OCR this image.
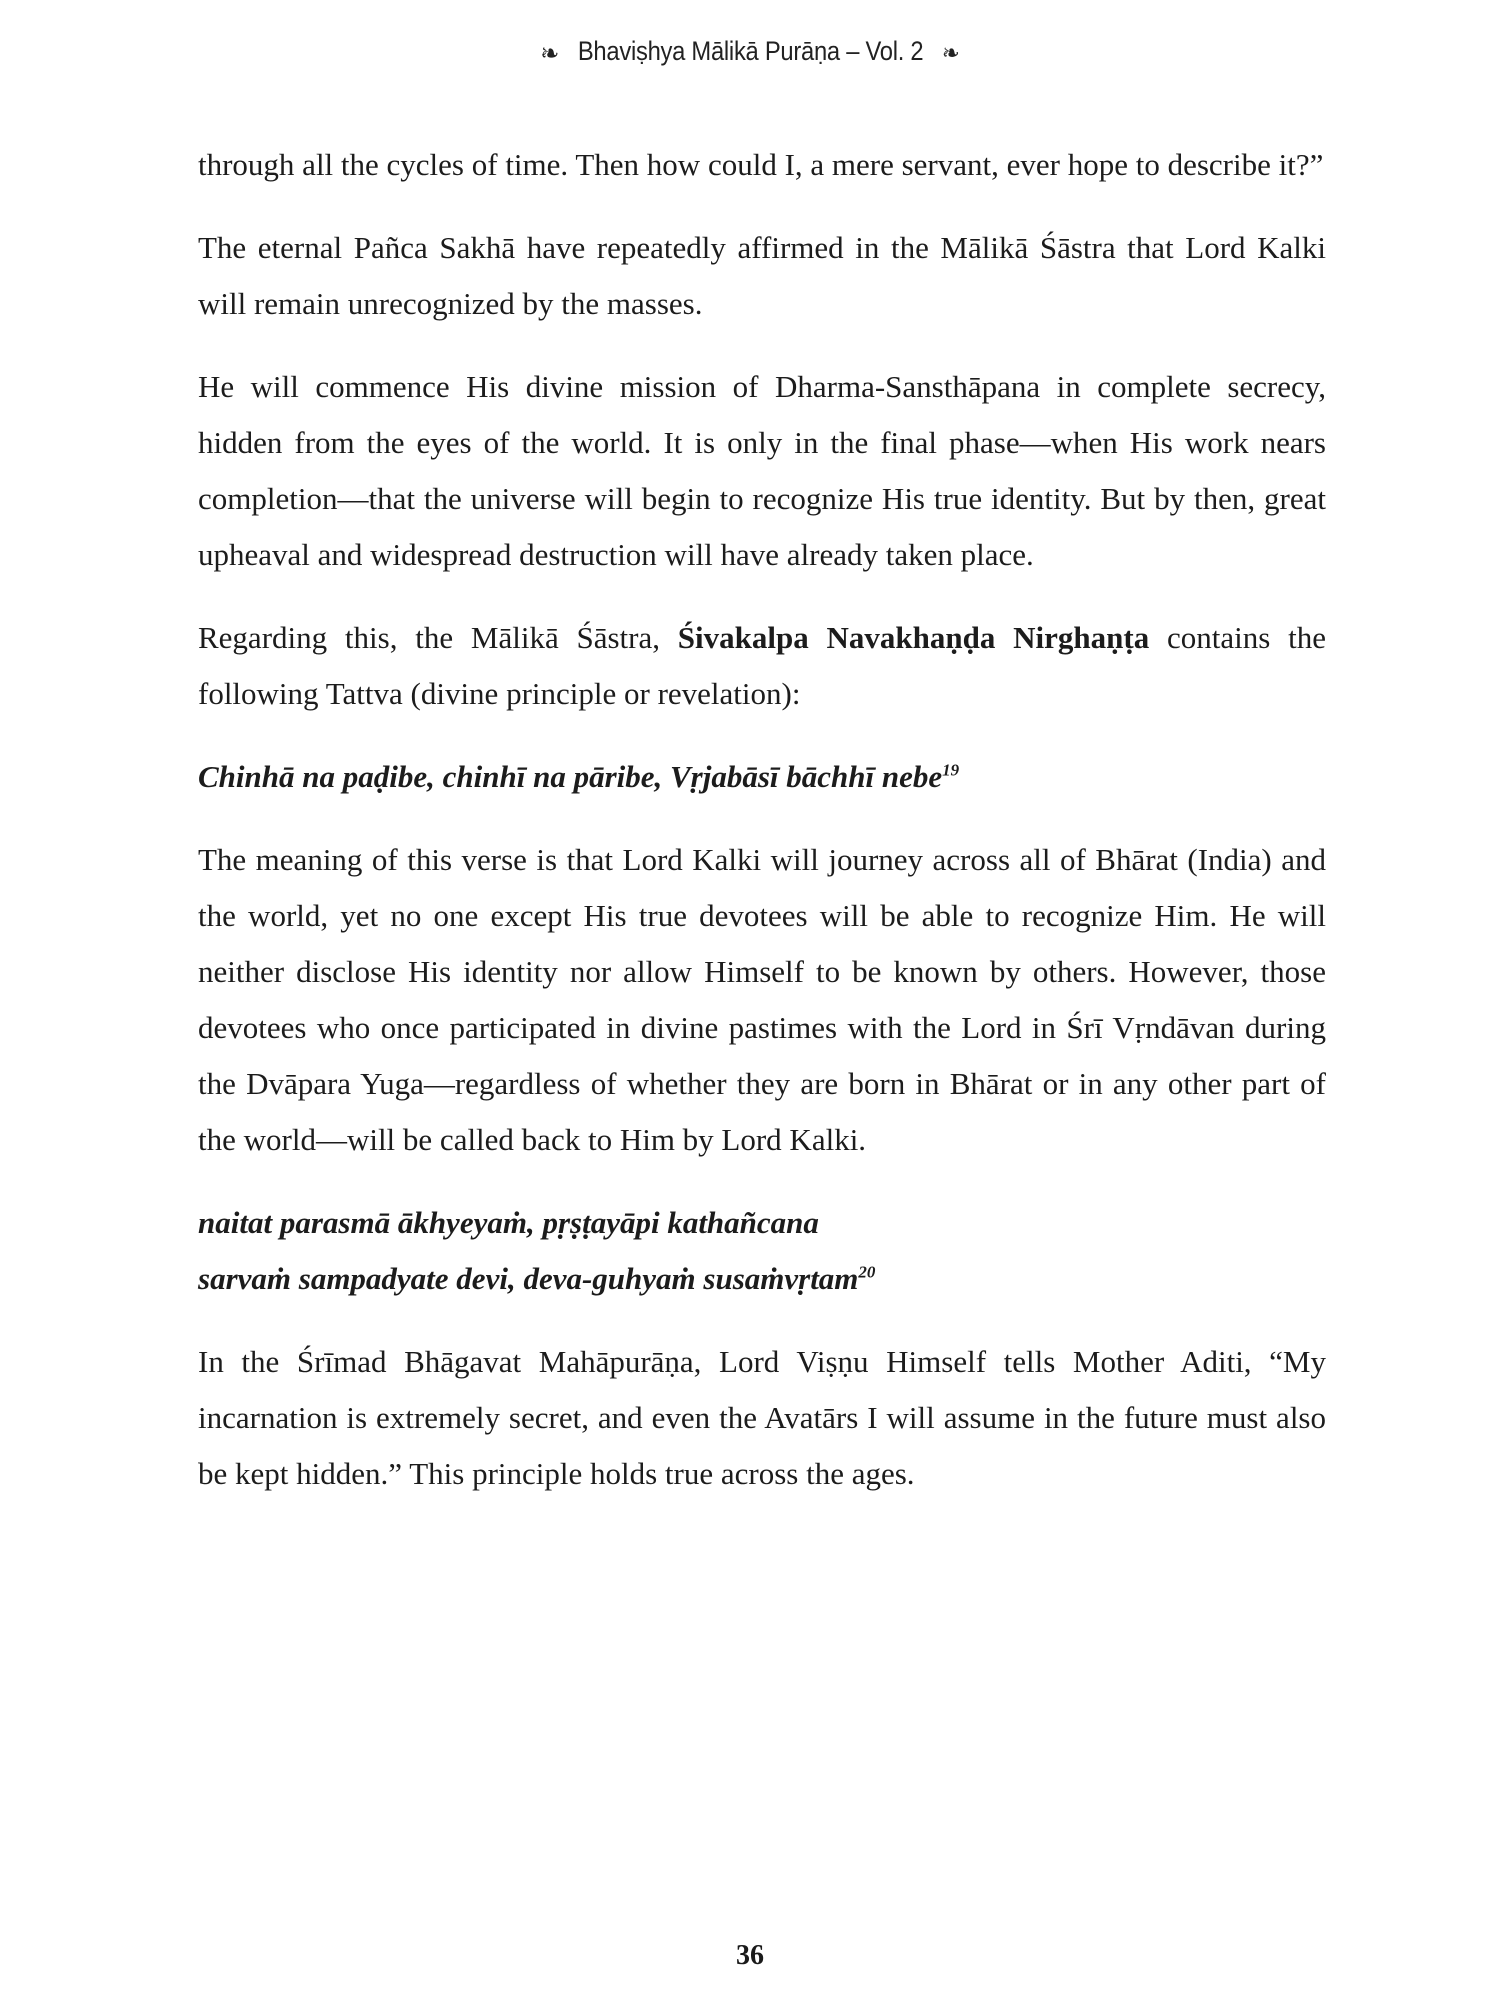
☙ Bhaviṣhya Mālikā Purāṇa – Vol. 2 ❧

through all the cycles of time. Then how could I, a mere servant, ever hope to describe it?”

The eternal Pañca Sakhā have repeatedly affirmed in the Mālikā Śāstra that Lord Kalki will remain unrecognized by the masses.

He will commence His divine mission of Dharma-Sansthāpana in complete secrecy, hidden from the eyes of the world. It is only in the final phase—when His work nears completion—that the universe will begin to recognize His true identity. But by then, great upheaval and widespread destruction will have already taken place.

Regarding this, the Mālikā Śāstra, Śivakalpa Navakhaṇḍa Nirghaṇṭa contains the following Tattva (divine principle or revelation):

Chinhā na paḍibe, chinhī na pāribe, Vṛjabāsī bāchhī nebe$^{19}$

The meaning of this verse is that Lord Kalki will journey across all of Bhārat (India) and the world, yet no one except His true devotees will be able to recognize Him. He will neither disclose His identity nor allow Himself to be known by others. However, those devotees who once participated in divine pastimes with the Lord in Śrī Vṛndāvan during the Dvāpara Yuga—regardless of whether they are born in Bhārat or in any other part of the world—will be called back to Him by Lord Kalki.

naitat parasmā ākhyeyaṁ, pṛṣṭayāpi kathañcana
sarvaṁ sampadyate devi, deva-guhyaṁ susaṁvṛtam$^{20}$

In the Śrīmad Bhāgavat Mahāpurāṇa, Lord Viṣṇu Himself tells Mother Aditi, “My incarnation is extremely secret, and even the Avatārs I will assume in the future must also be kept hidden.” This principle holds true across the ages.

36
